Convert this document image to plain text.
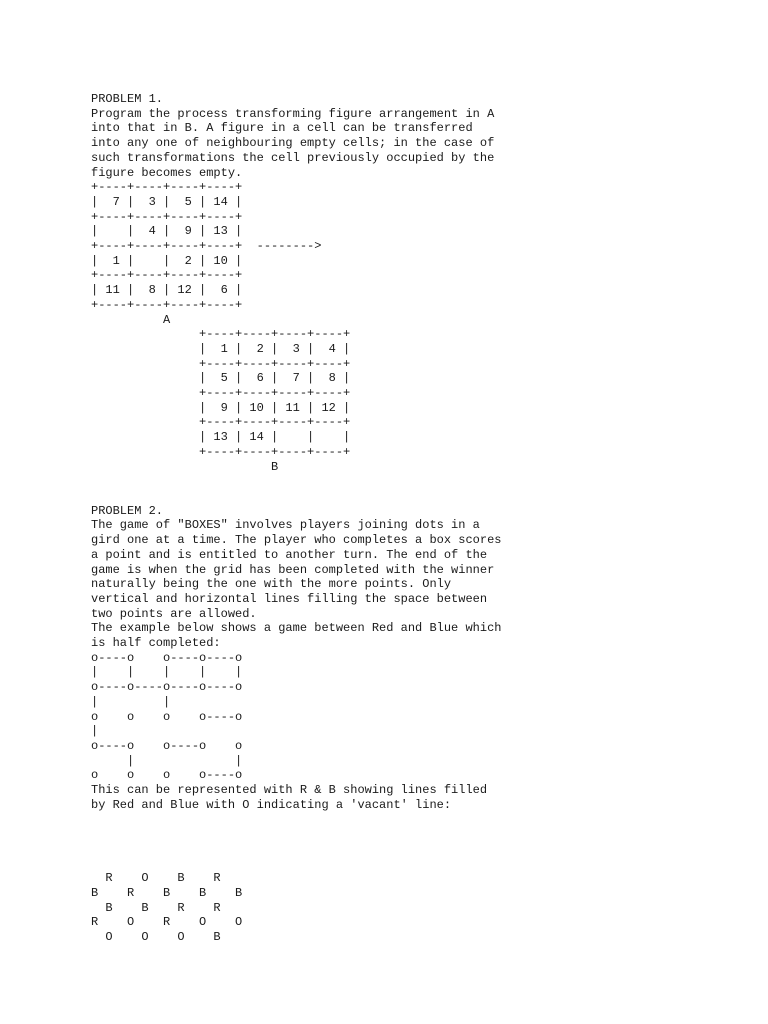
PROBLEM 1.
Program the process transforming figure arrangement in A
into that in B. A figure in a cell can be transferred
into any one of neighbouring empty cells; in the case of
such transformations the cell previously occupied by the
figure becomes empty.
+----+----+----+----+
|  7 |  3 |  5 | 14 |
+----+----+----+----+
|    |  4 |  9 | 13 |
+----+----+----+----+  -------->
|  1 |    |  2 | 10 |
+----+----+----+----+
| 11 |  8 | 12 |  6 |
+----+----+----+----+
A
+----+----+----+----+
|  1 |  2 |  3 |  4 |
+----+----+----+----+
|  5 |  6 |  7 |  8 |
+----+----+----+----+
|  9 | 10 | 11 | 12 |
+----+----+----+----+
| 13 | 14 |    |    |
+----+----+----+----+
B

PROBLEM 2.
The game of "BOXES" involves players joining dots in a
gird one at a time. The player who completes a box scores
a point and is entitled to another turn. The end of the
game is when the grid has been completed with the winner
naturally being the one with the more points. Only
vertical and horizontal lines filling the space between
two points are allowed.
The example below shows a game between Red and Blue which
is half completed:
o----o    o----o----o
|    |    |    |    |
o----o----o----o----o
|         |
o    o    o    o----o
|
o----o    o----o    o
|              |
o    o    o    o----o
This can be represented with R & B showing lines filled
by Red and Blue with O indicating a 'vacant' line:

R    O    B    R
B    R    B    B    B
B    B    R    R
R    O    R    O    O
O    O    O    B
